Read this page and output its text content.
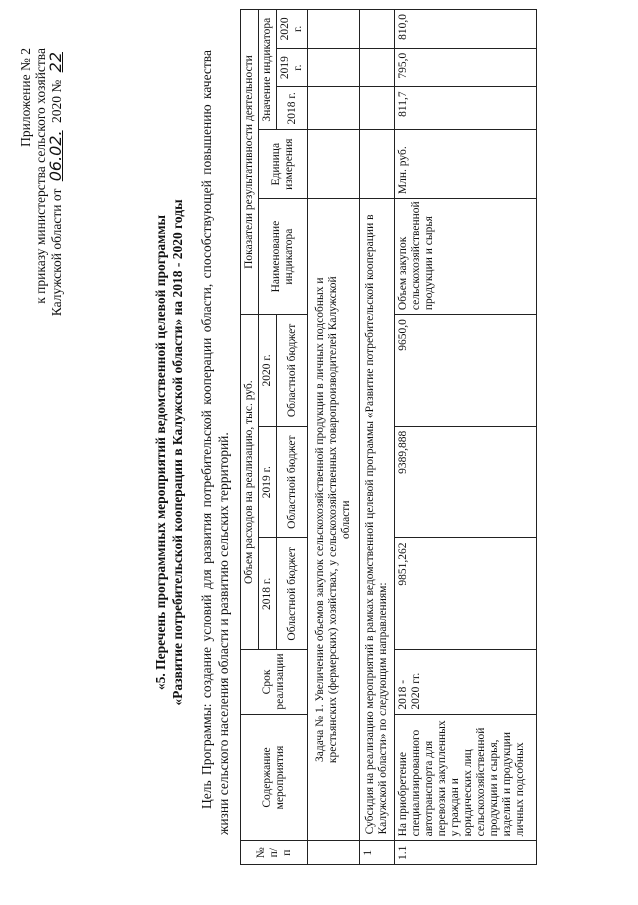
Приложение № 2 к приказу министерства сельского хозяйства Калужской области от 06.02. 2020 № 22
«5. Перечень программных мероприятий ведомственной целевой программы «Развитие потребительской кооперации в Калужской области» на 2018 - 2020 годы Цель Программы: создание условий для развития потребительской кооперации области, способствующей повышению качества жизни сельского населения области и развитию сельских территорий.
№ п/п	Содержание мероприятия	Срок реализации	Объем расходов на реализацию, тыс. руб.			Показатели результативности деятельности				
			2018 г.	2019 г.	2020 г.	Наименование индикатора	Единица измерения	Значение индикатора		
			Областной бюджет	Областной бюджет	Областной бюджет			2018 г.	2019 г.	2020 г.
	Задача № 1. Увеличение объемов закупок сельскохозяйственной продукции в личных подсобных и крестьянских (фермерских) хозяйствах, у сельскохозяйственных товаропроизводителей Калужской области									
1	Субсидия на реализацию мероприятий в рамках ведомственной целевой программы «Развитие потребительской кооперации в Калужской области» по следующим направлениям:									
1.1	На приобретение специализированного автотранспорта для перевозки закупленных у граждан и юридических лиц сельскохозяйственной продукции и сырья, изделий и продукции личных подсобных	2018 - 2020 гг.	9851,262	9389,888	9650,0	Объем закупок сельскохозяйственной продукции и сырья	Млн. руб.	811,7	795,0	810,0
